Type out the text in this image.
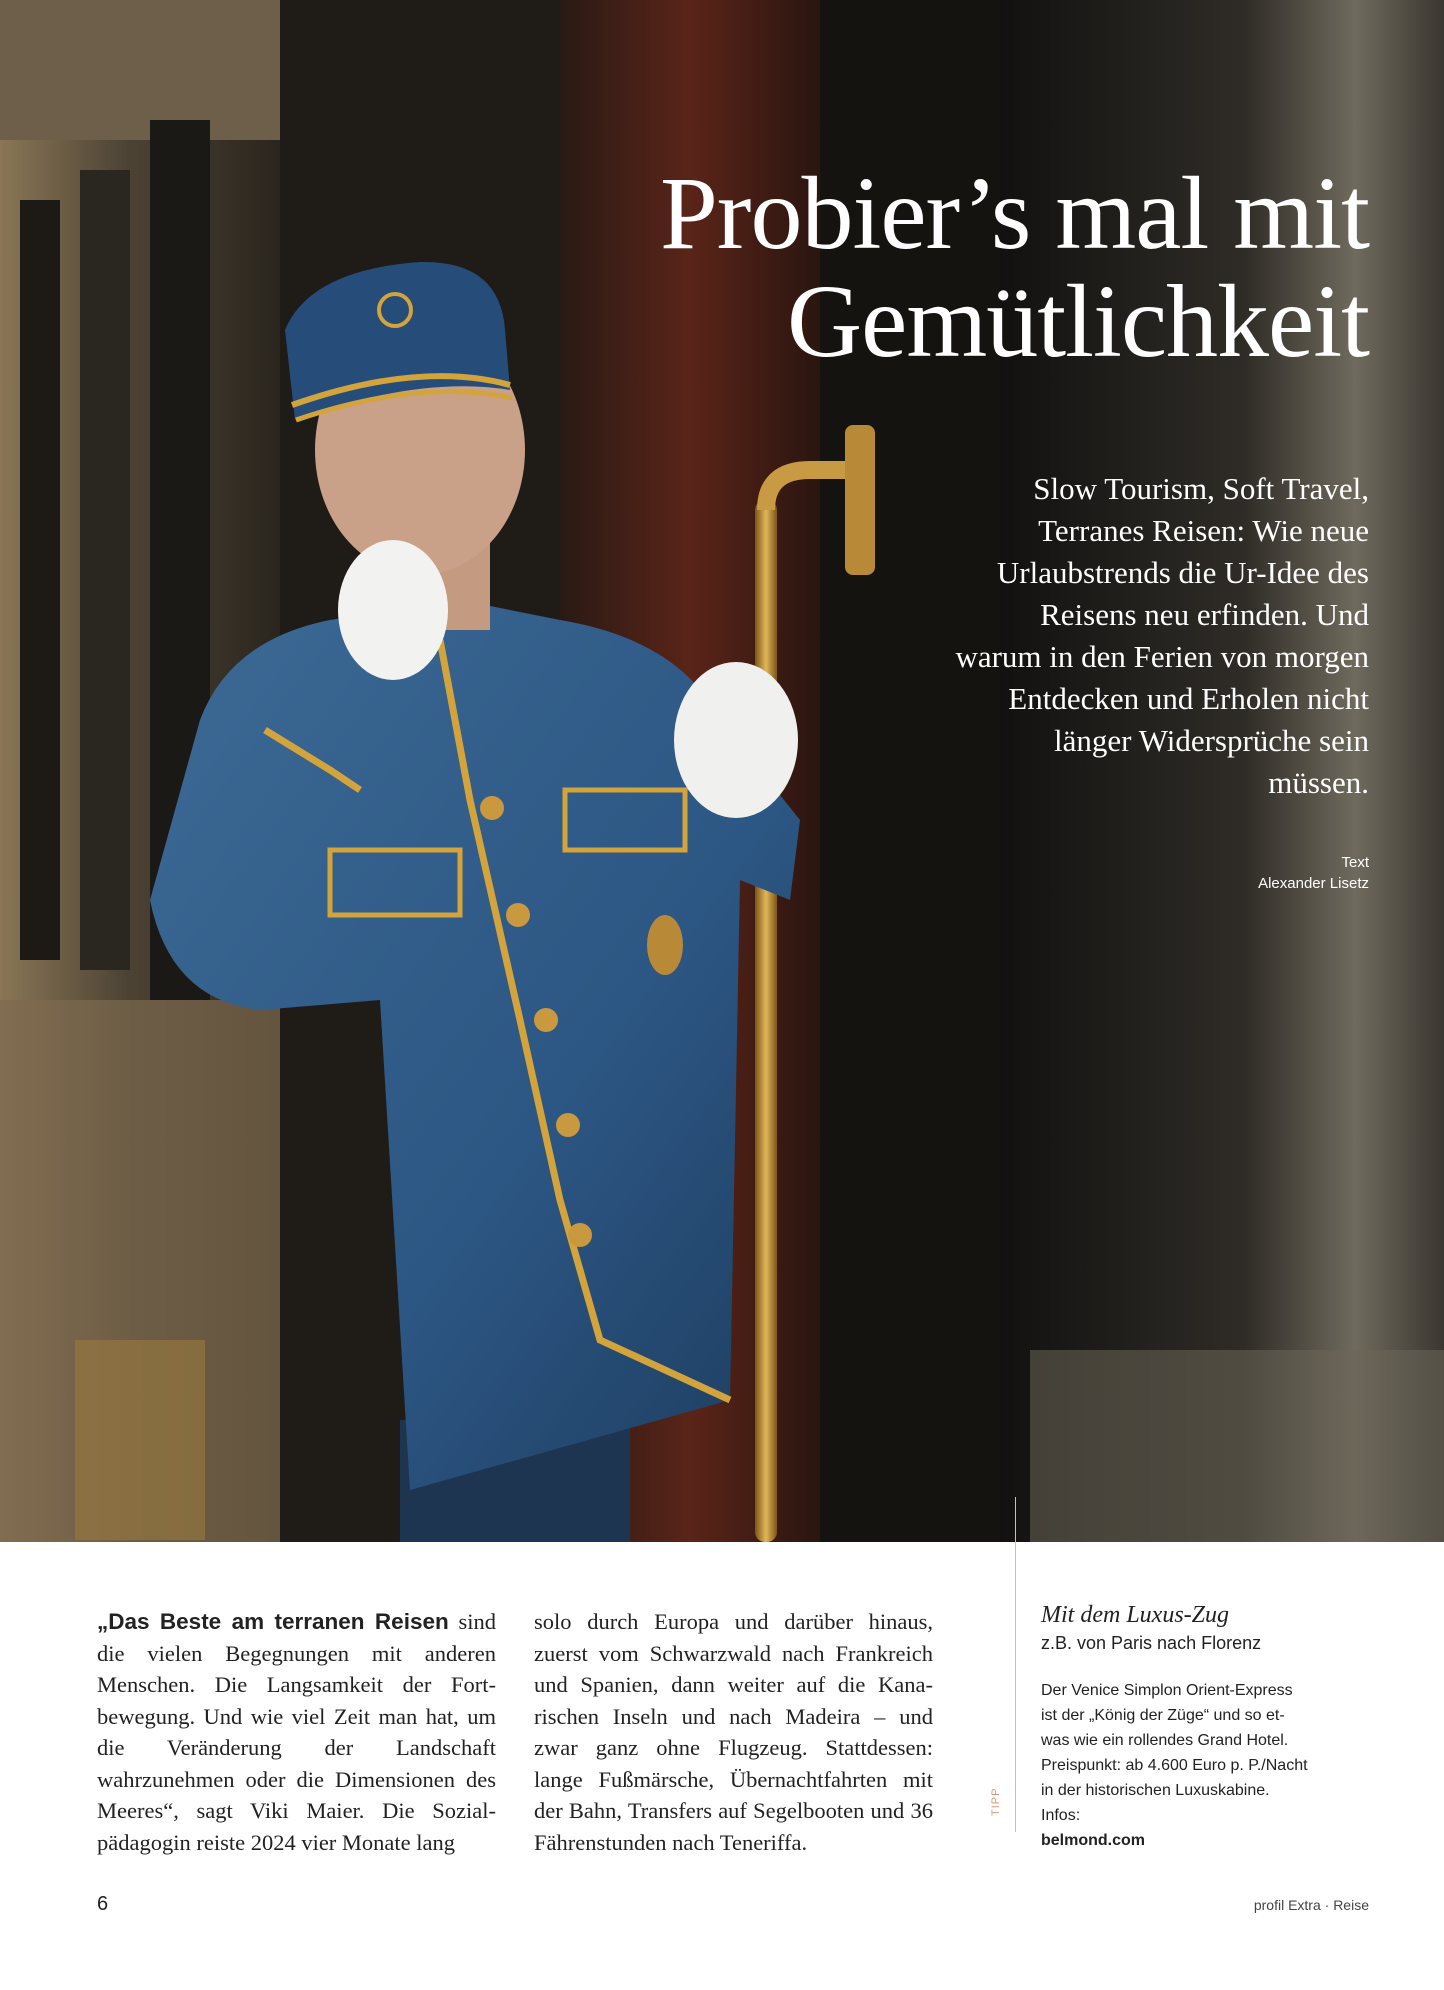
Probier’s mal mit
Gemütlichkeit

Slow Tourism, Soft Travel, Terranes Reisen: Wie neue Urlaubstrends die Ur-Idee des Reisens neu erfinden. Und warum in den Ferien von morgen Entdecken und Erholen nicht länger Widersprüche sein müssen.

Text
Alexander Lisetz

„Das Beste am terranen Reisen sind die vielen Begegnungen mit anderen Menschen. Die Langsamkeit der Fortbewegung. Und wie viel Zeit man hat, um die Veränderung der Landschaft wahrzunehmen oder die Dimensionen des Meeres“, sagt Viki Maier. Die Sozialpädagogin reiste 2024 vier Monate lang

solo durch Europa und darüber hinaus, zuerst vom Schwarzwald nach Frankreich und Spanien, dann weiter auf die Kanarischen Inseln und nach Madeira – und zwar ganz ohne Flugzeug. Stattdessen: lange Fußmärsche, Übernachtfahrten mit der Bahn, Transfers auf Segelbooten und 36 Fährenstunden nach Teneriffa.

TIPP

Mit dem Luxus-Zug

z.B. von Paris nach Florenz

Der Venice Simplon Orient-Express
ist der „König der Züge“ und so et-
was wie ein rollendes Grand Hotel.
Preispunkt: ab 4.600 Euro p. P./Nacht
in der historischen Luxuskabine.
Infos:
belmond.com

6	profil Extra · Reise
